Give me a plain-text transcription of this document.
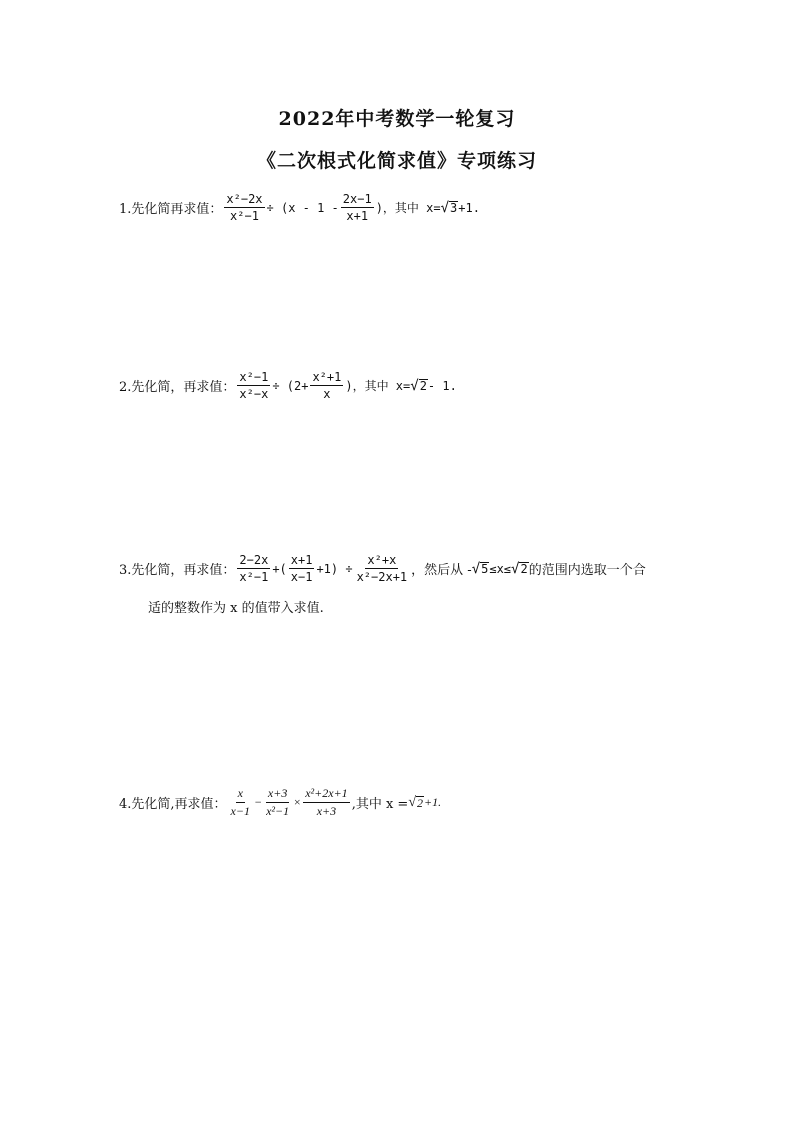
2022年中考数学一轮复习
《二次根式化简求值》专项练习
1.先化简再求值： $\frac{\text{x²−2x}}{\text{x²−1}} \div (x - 1 - \frac{2x-1}{x+1}$ )，其中 x= √ 3 +1.
2.先化简，再求值： $\frac{\text{x²−1}}{\text{x²−x}} \div (2+ \frac{\text{x²+1}}{x}$ )，其中 x= √ 2 - 1.
3.先化简，再求值： $\frac{2-2x}{\text{x²−1}}$ +( $\frac{x+1}{x-1} +1) \div \frac{\text{x²+x}}{\text{x²−2x+1}}$ ，然后从 - √ 5 ≤x≤ √ 2 的范围内选取一个合
适的整数作为 x 的值带入求值.
4.先化简,再求值： $\frac{x}{x-1} - \frac{x+3}{\text{x²−1}} \times \frac{\text{x²+2x+1}}{x+3}$ ,其中 x = √ 2 +1.
